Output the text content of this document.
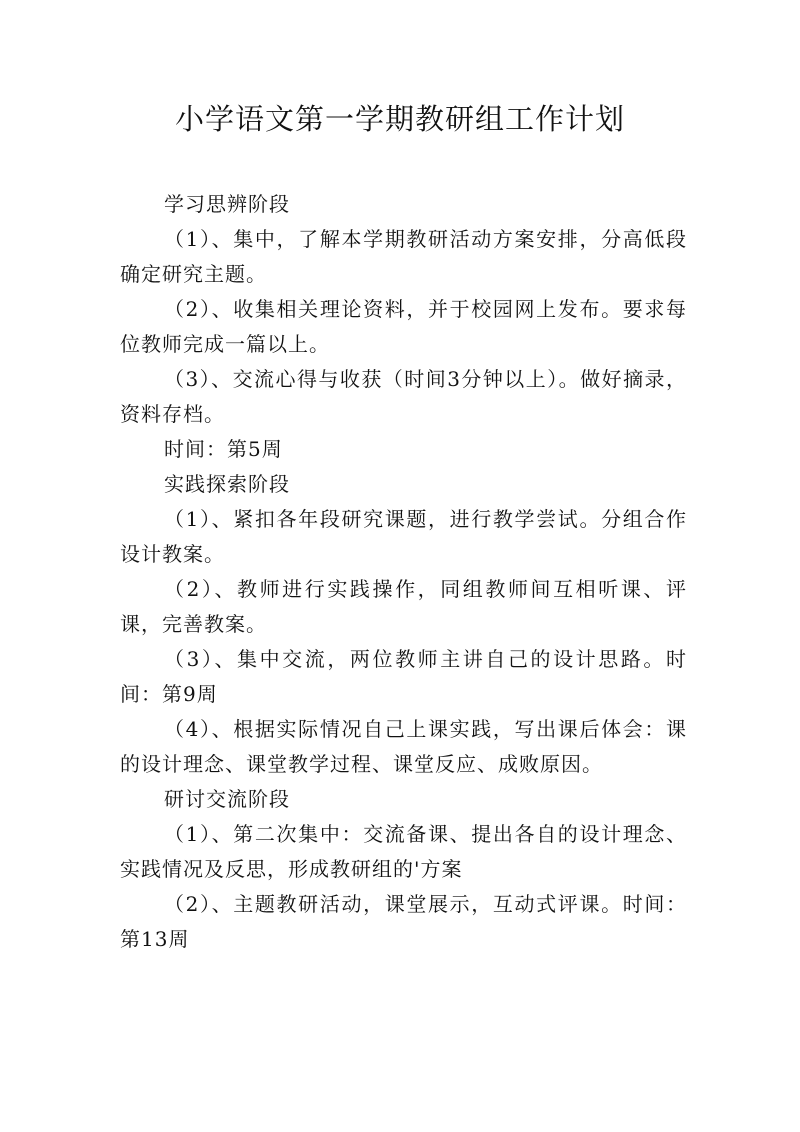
小学语文第一学期教研组工作计划

学习思辨阶段

（1）、集中，了解本学期教研活动方案安排，分高低段确定研究主题。

（2）、收集相关理论资料，并于校园网上发布。要求每位教师完成一篇以上。

（3）、交流心得与收获（时间3分钟以上）。做好摘录，资料存档。

时间：第5周

实践探索阶段

（1）、紧扣各年段研究课题，进行教学尝试。分组合作设计教案。

（2）、教师进行实践操作，同组教师间互相听课、评课，完善教案。

（3）、集中交流，两位教师主讲自己的设计思路。时间：第9周

（4）、根据实际情况自己上课实践，写出课后体会：课的设计理念、课堂教学过程、课堂反应、成败原因。

研讨交流阶段

（1）、第二次集中：交流备课、提出各自的设计理念、实践情况及反思，形成教研组的'方案

（2）、主题教研活动，课堂展示，互动式评课。时间：第13周
